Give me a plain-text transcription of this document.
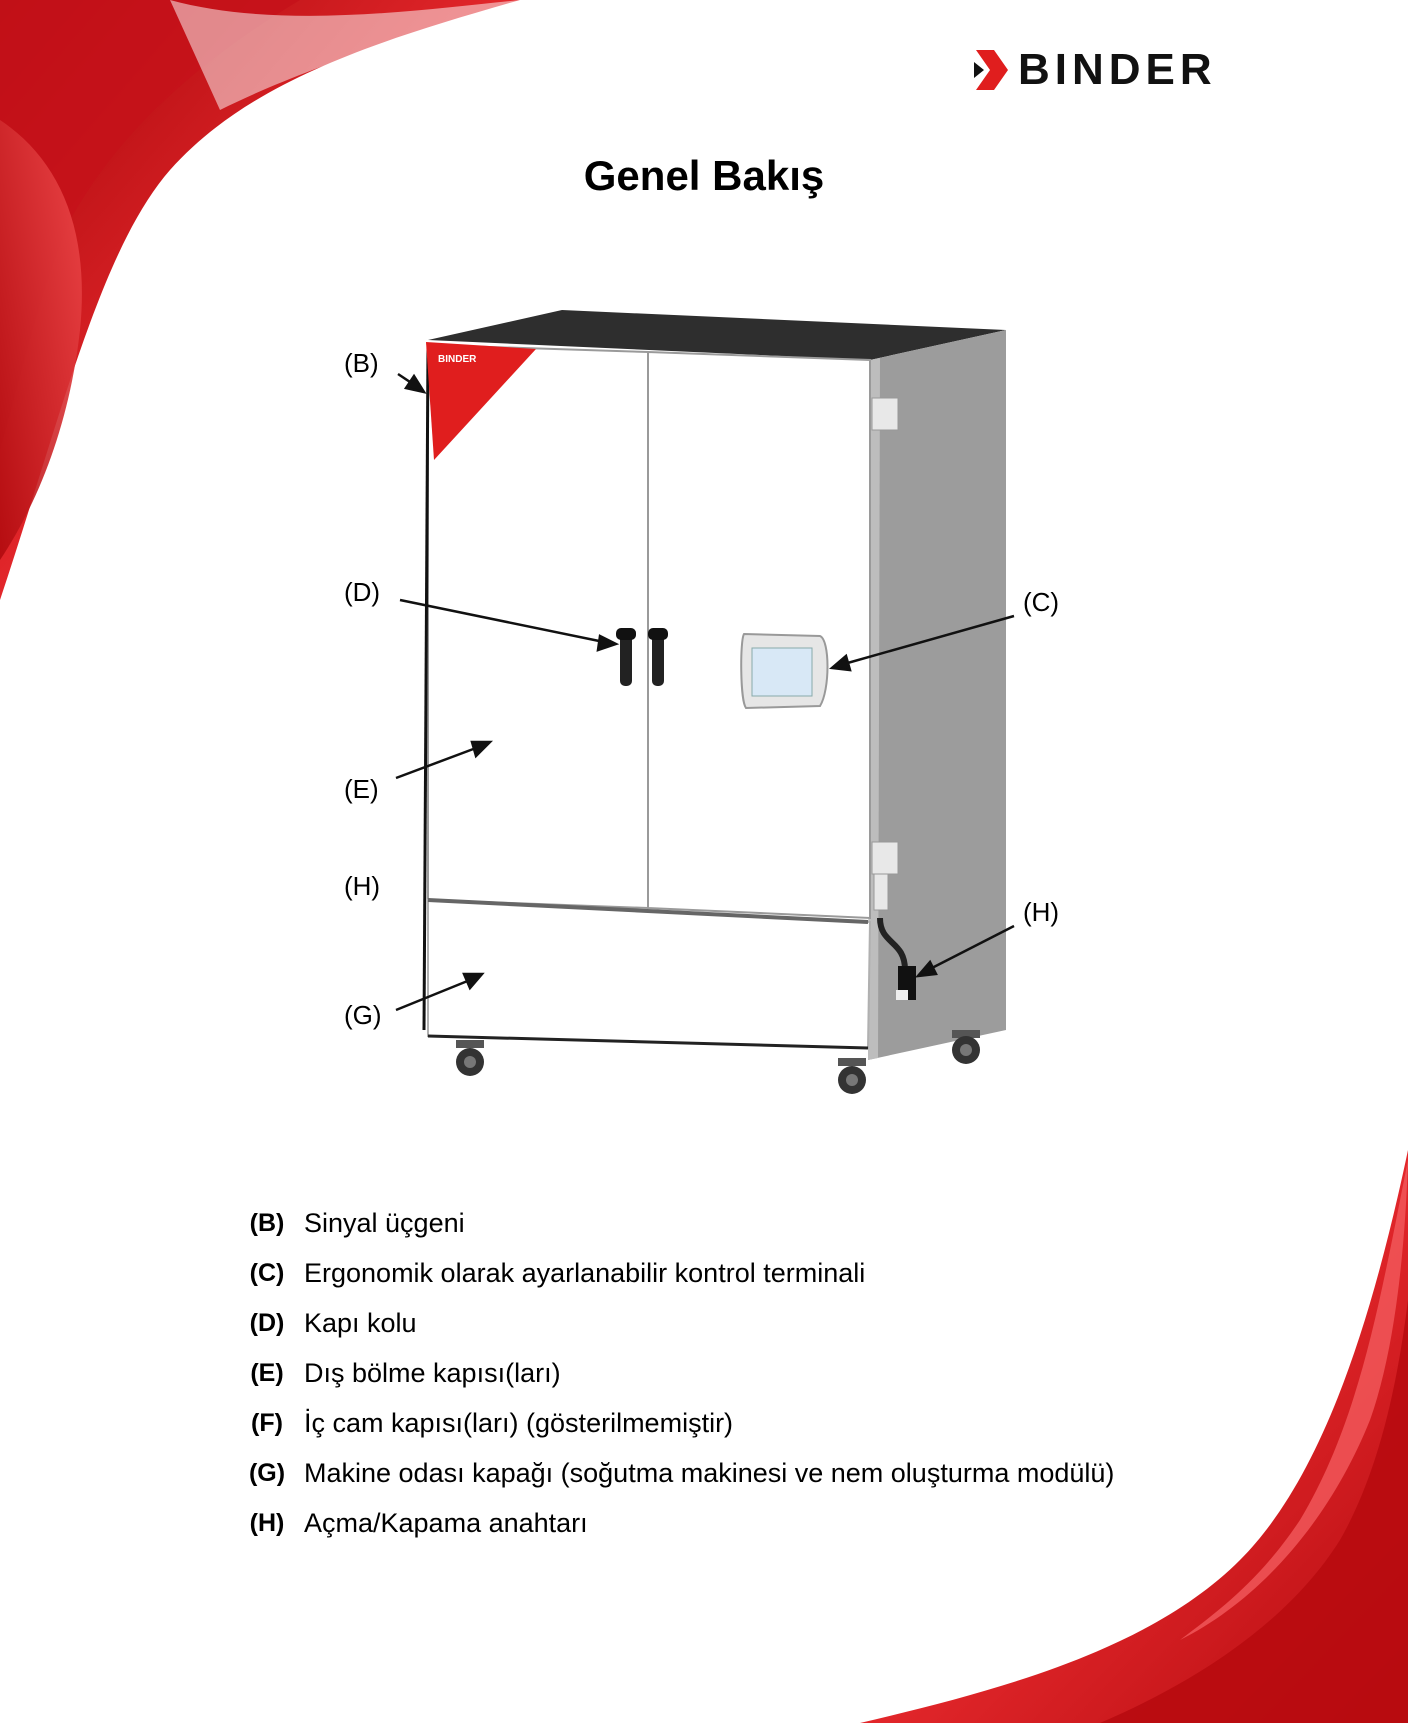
BINDER
Genel Bakış
BINDER
(B)
(D)	(C)
(E)
(H)
(H)
(G)
(B) Sinyal üçgeni
(C) Ergonomik olarak ayarlanabilir kontrol terminali
(D) Kapı kolu
(E) Dış bölme kapısı(ları)
(F) İç cam kapısı(ları) (gösterilmemiştir)
(G) Makine odası kapağı (soğutma makinesi ve nem oluşturma modülü)
(H) Açma/Kapama anahtarı
